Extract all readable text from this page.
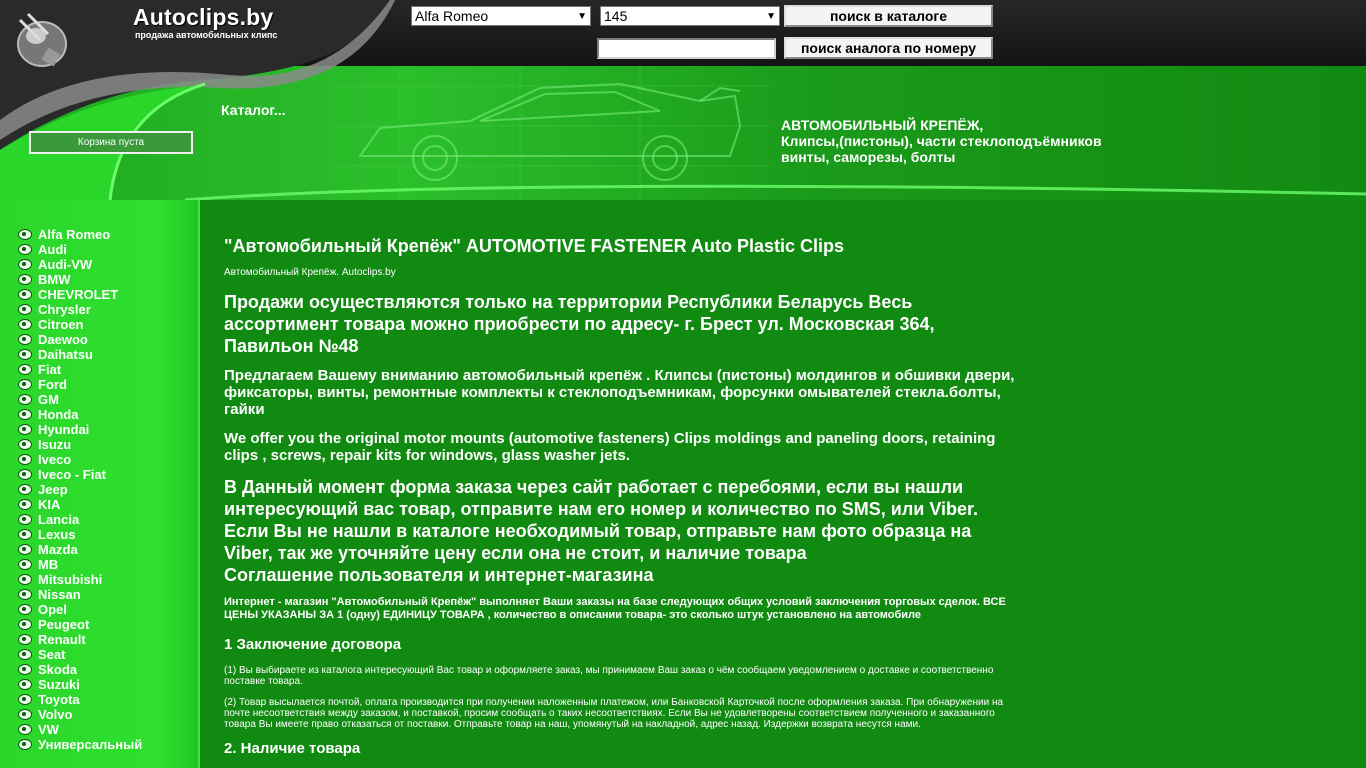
Autoclips.by
продажа автомобильных клипс
Alfa Romeo	▼ 145	▼	поиск в каталоге
поиск аналога по номеру
Корзина пуста
Каталог...
АВТОМОБИЛЬНЫЙ КРЕПЁЖ,
Клипсы,(пистоны), части стеклоподъёмников
винты, саморезы, болты
Alfa Romeo
Audi
Audi-VW
BMW
CHEVROLET
Chrysler
Citroen
Daewoo
Daihatsu
Fiat
Ford
GM
Honda
Hyundai
Isuzu
Iveco
Iveco - Fiat
Jeep
KIA
Lancia
Lexus
Mazda
MB
Mitsubishi
Nissan
Opel
Peugeot
Renault
Seat
Skoda
Suzuki
Toyota
Volvo
VW
Универсальный
"Автомобильный Крепёж" AUTOMOTIVE FASTENER Auto Plastic Clips
Автомобильный Крепёж. Autoclips.by
Продажи осуществляются только на территории Республики Беларусь Весь ассортимент товара можно приобрести по адресу- г. Брест ул. Московская 364, Павильон №48
Предлагаем Вашему вниманию автомобильный крепёж . Клипсы (пистоны) молдингов и обшивки двери, фиксаторы, винты, ремонтные комплекты к стеклоподъемникам, форсунки омывателей стекла.болты, гайки
We offer you the original motor mounts (automotive fasteners) Clips moldings and paneling doors, retaining clips , screws, repair kits for windows, glass washer jets.
В Данный момент форма заказа через сайт работает с перебоями, если вы нашли интересующий вас товар, отправите нам его номер и количество по SMS, или Viber. Если Вы не нашли в каталоге необходимый товар, отправьте нам фото образца на Viber, так же уточняйте цену если она не стоит, и наличие товара
Соглашение пользователя и интернет-магазина
Интернет - магазин "Автомобильный Крепёж" выполняет Ваши заказы на базе следующих общих условий заключения торговых сделок. ВСЕ ЦЕНЫ УКАЗАНЫ ЗА 1 (одну) ЕДИНИЦУ ТОВАРА , количество в описании товара- это сколько штук установлено на автомобиле
1 Заключение договора
(1) Вы выбираете из каталога интересующий Вас товар и оформляете заказ, мы принимаем Ваш заказ о чём сообщаем уведомлением о доставке и соответственно поставке товара.
(2) Товар высылается почтой, оплата производится при получении наложенным платежом, или Банковской Карточкой после оформления заказа. При обнаружении на почте несоответствия между заказом, и поставкой, просим сообщать о таких несоответствиях. Если Вы не удовлетворены соответствием полученного и заказанного товара Вы имеете право отказаться от поставки. Отправьте товар на наш, упомянутый на накладной, адрес назад. Издержки возврата несутся нами.
2. Наличие товара
